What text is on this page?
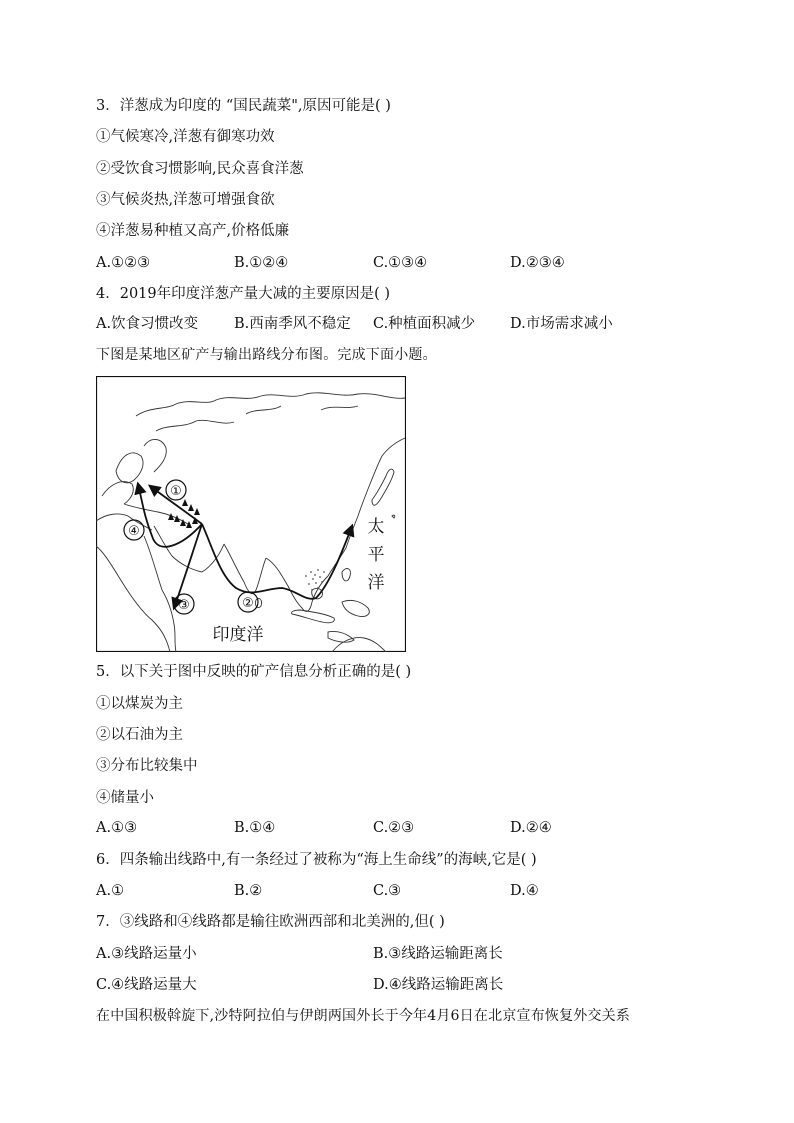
3．洋葱成为印度的 “国民蔬菜",原因可能是( )
①气候寒冷,洋葱有御寒功效
②受饮食习惯影响,民众喜食洋葱
③气候炎热,洋葱可增强食欲
④洋葱易种植又高产,价格低廉
A.①②③	B.①②④	C.①③④	D.②③④
4．2019年印度洋葱产量大减的主要原因是( )
A.饮食习惯改变 B.西南季风不稳定 C.种植面积减少 D.市场需求减小
下图是某地区矿产与输出路线分布图。完成下面小题。
①
②
③
④	太
平
洋
印度洋
5．以下关于图中反映的矿产信息分析正确的是( )
①以煤炭为主
②以石油为主
③分布比较集中
④储量小
A.①③	B.①④	C.②③	D.②④
6．四条输出线路中,有一条经过了被称为“海上生命线”的海峡,它是( )
A.①	B.②	C.③	D.④
7．③线路和④线路都是输往欧洲西部和北美洲的,但( )
A.③线路运量小	B.③线路运输距离长
C.④线路运量大	D.④线路运输距离长
在中国积极斡旋下,沙特阿拉伯与伊朗两国外长于今年4月6日在北京宣布恢复外交关系
